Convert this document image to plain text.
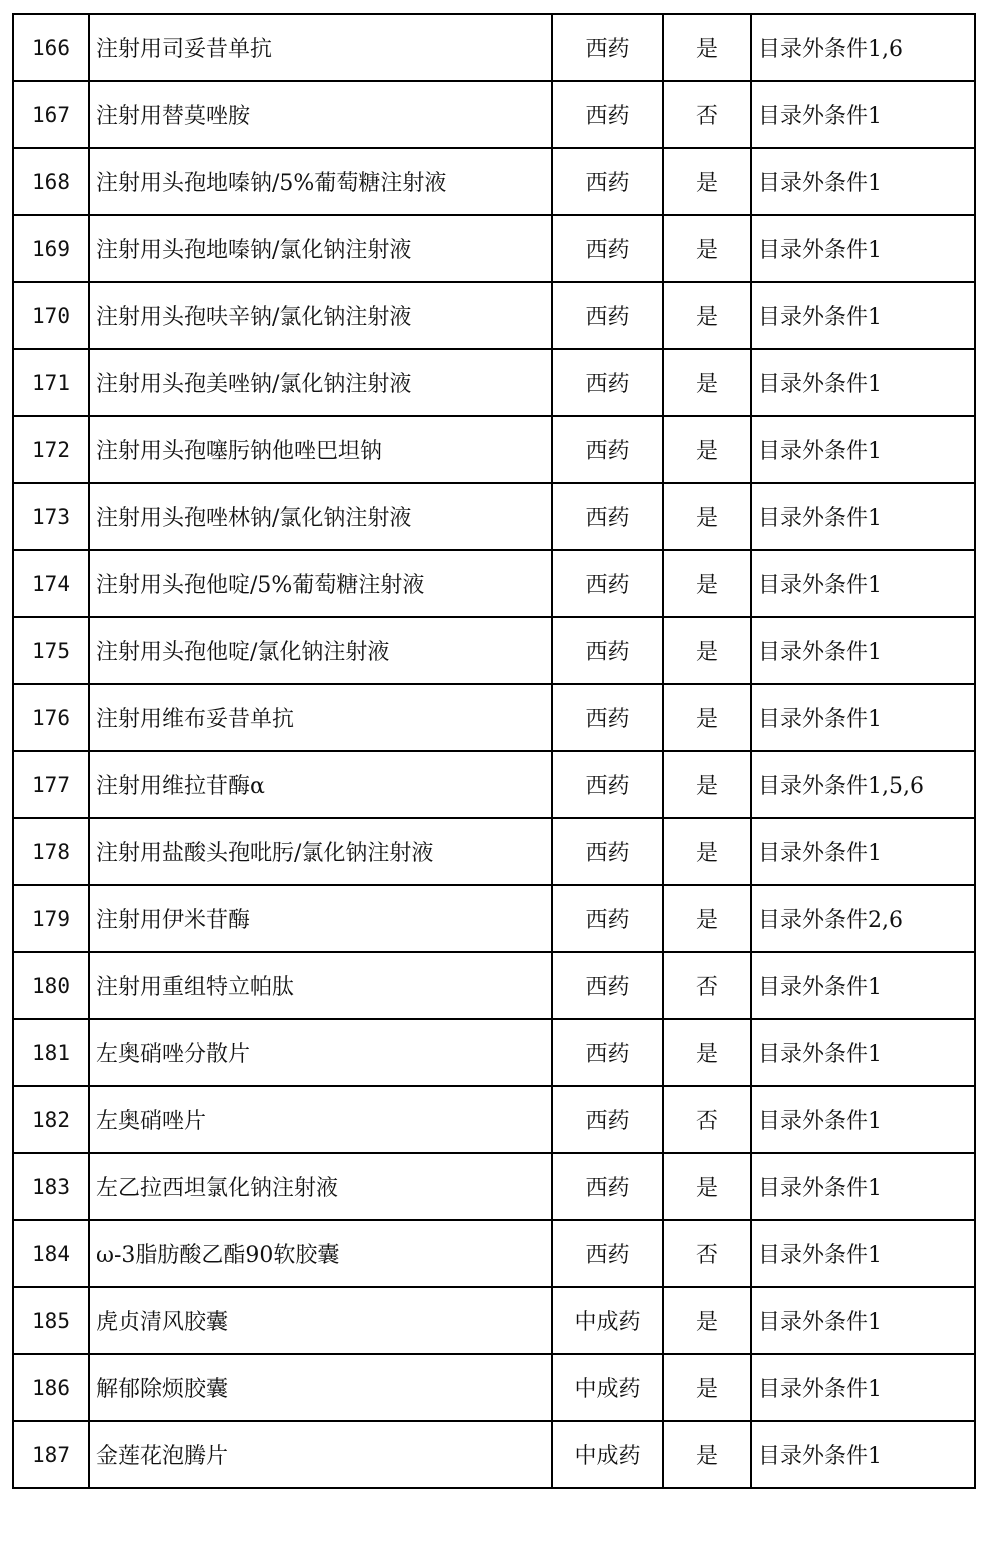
166	注射用司妥昔单抗	西药	是	目录外条件1,6
167	注射用替莫唑胺	西药	否	目录外条件1
168	注射用头孢地嗪钠/5%葡萄糖注射液	西药	是	目录外条件1
169	注射用头孢地嗪钠/氯化钠注射液	西药	是	目录外条件1
170	注射用头孢呋辛钠/氯化钠注射液	西药	是	目录外条件1
171	注射用头孢美唑钠/氯化钠注射液	西药	是	目录外条件1
172	注射用头孢噻肟钠他唑巴坦钠	西药	是	目录外条件1
173	注射用头孢唑林钠/氯化钠注射液	西药	是	目录外条件1
174	注射用头孢他啶/5%葡萄糖注射液	西药	是	目录外条件1
175	注射用头孢他啶/氯化钠注射液	西药	是	目录外条件1
176	注射用维布妥昔单抗	西药	是	目录外条件1
177	注射用维拉苷酶α	西药	是	目录外条件1,5,6
178	注射用盐酸头孢吡肟/氯化钠注射液	西药	是	目录外条件1
179	注射用伊米苷酶	西药	是	目录外条件2,6
180	注射用重组特立帕肽	西药	否	目录外条件1
181	左奥硝唑分散片	西药	是	目录外条件1
182	左奥硝唑片	西药	否	目录外条件1
183	左乙拉西坦氯化钠注射液	西药	是	目录外条件1
184	ω-3脂肪酸乙酯90软胶囊	西药	否	目录外条件1
185	虎贞清风胶囊	中成药	是	目录外条件1
186	解郁除烦胶囊	中成药	是	目录外条件1
187	金莲花泡腾片	中成药	是	目录外条件1
